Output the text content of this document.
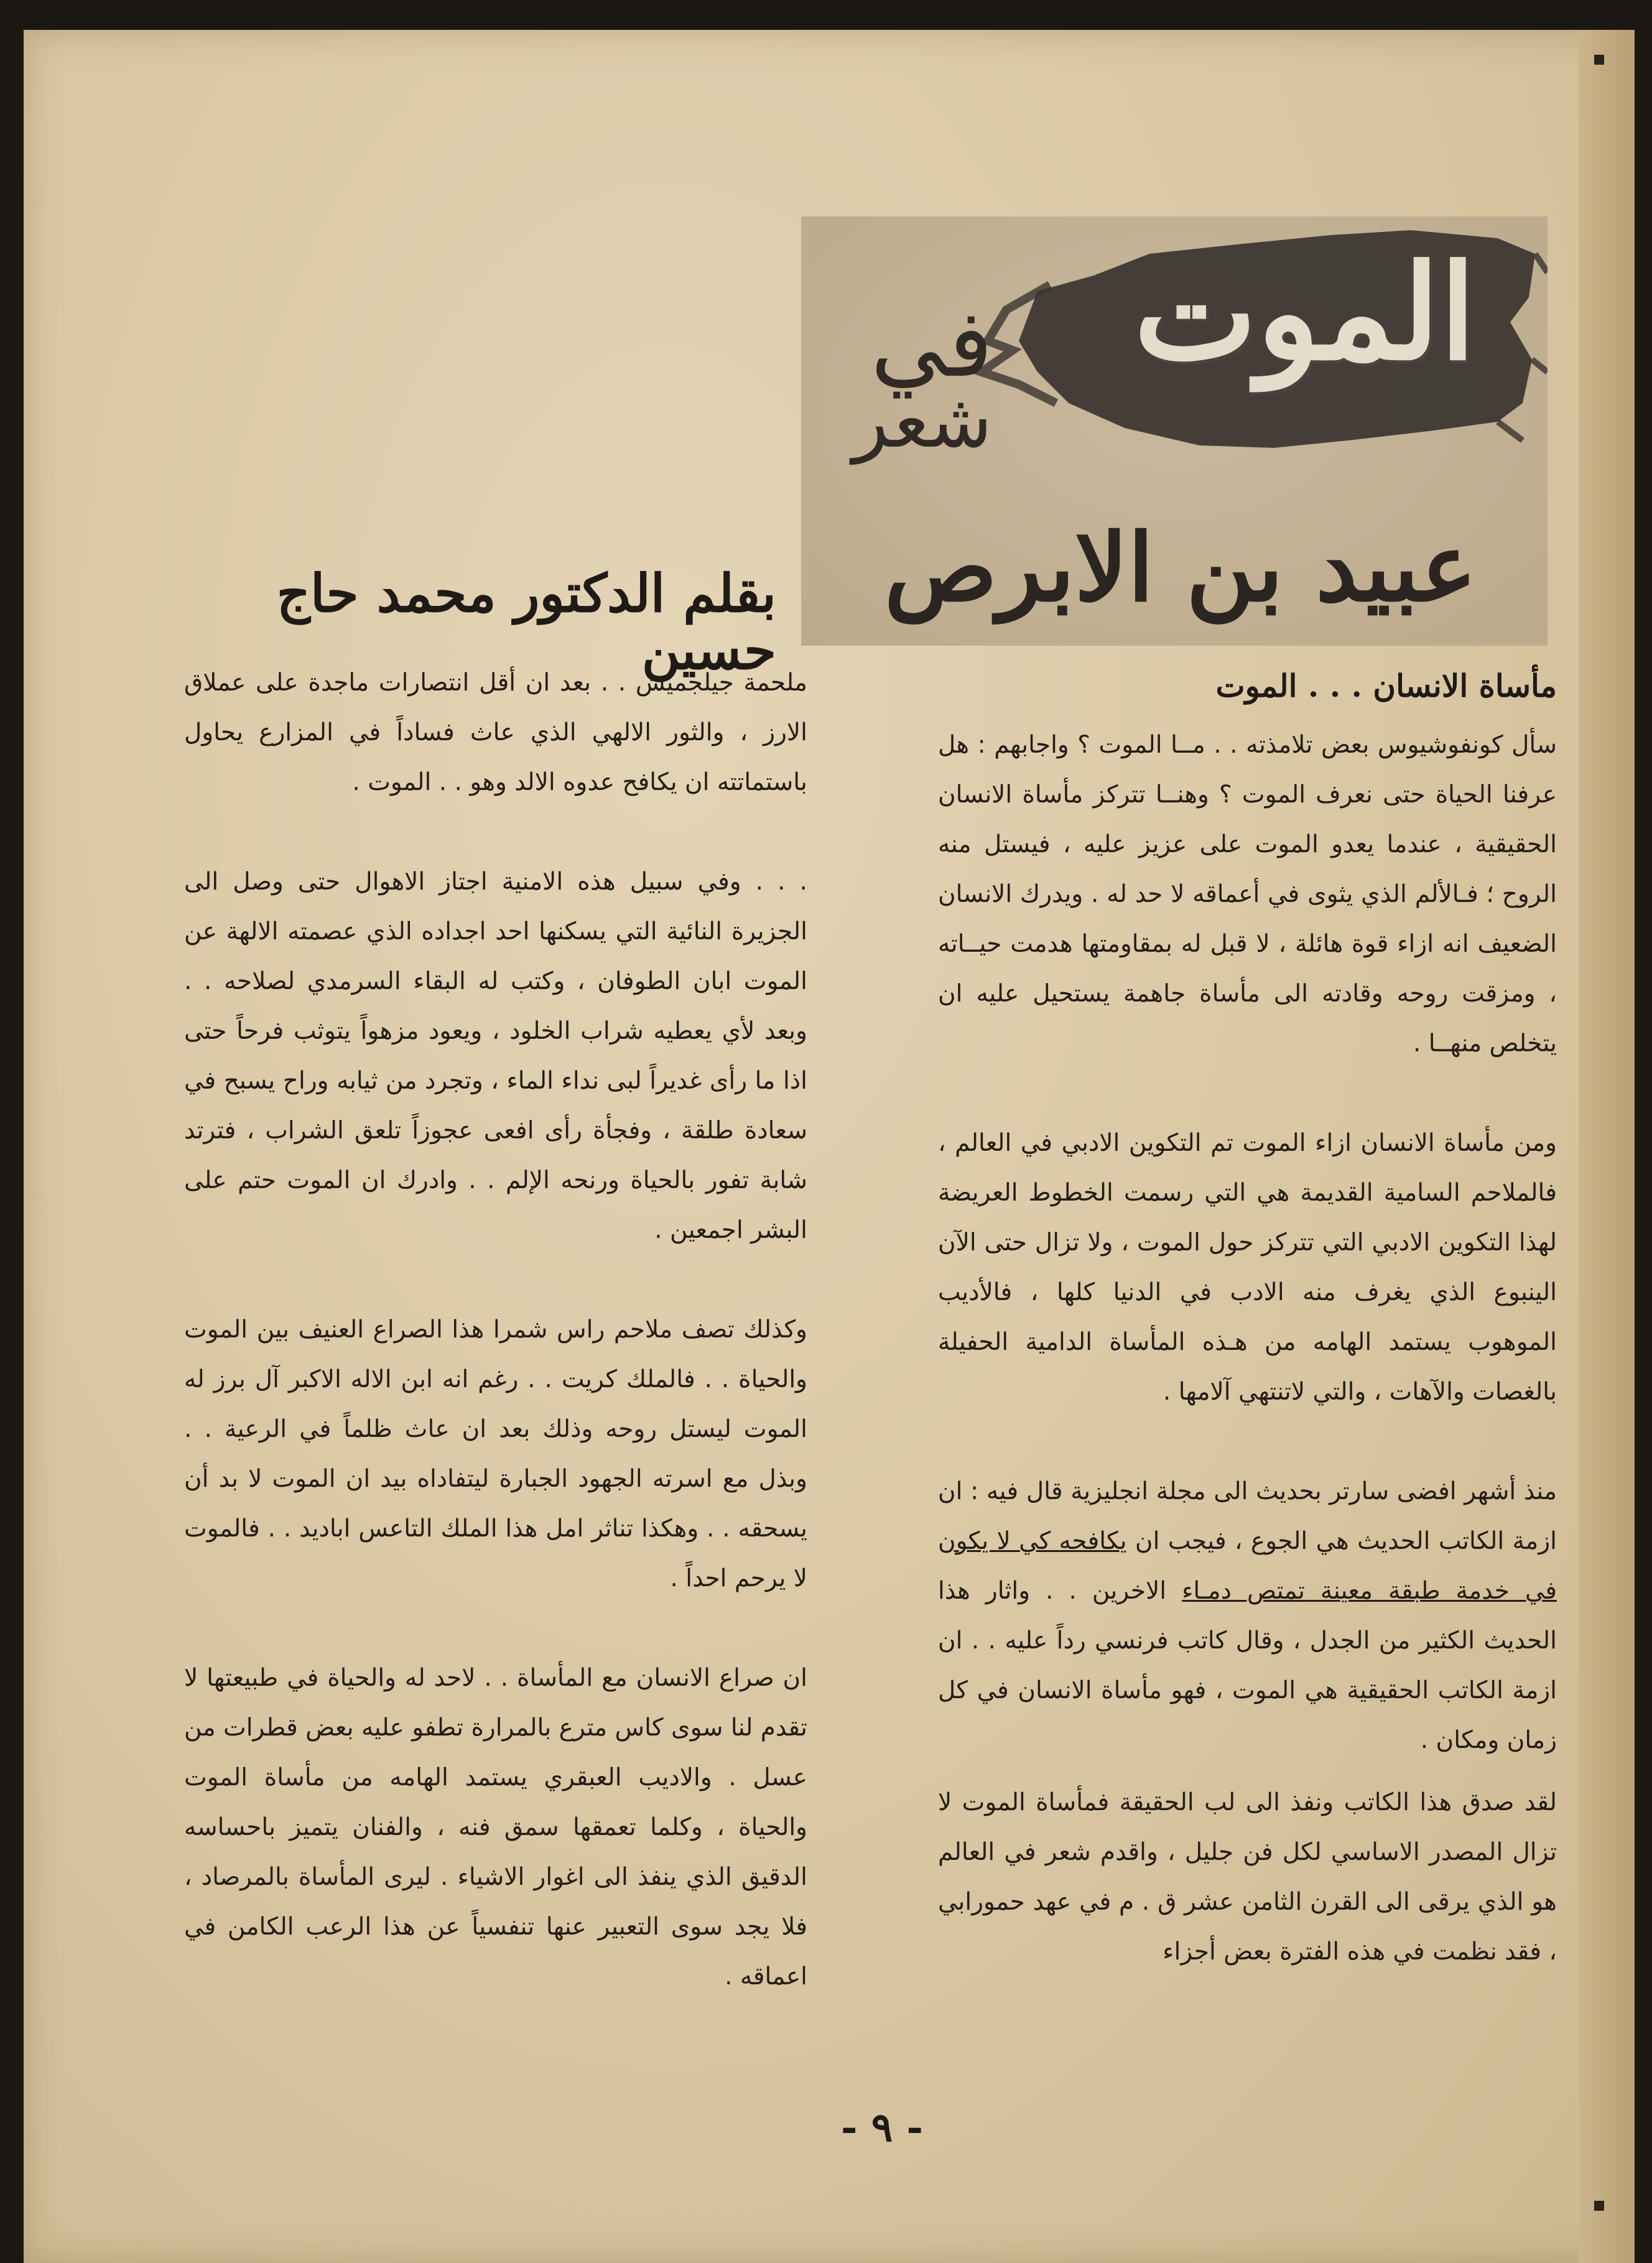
الموت
في
شعر
عبيد بن الابرص
بقلم الدكتور محمد حاج حسين

مأساة الانسان . . . الموت

سأل كونفوشيوس بعض تلامذته . . مــا الموت ؟ واجابهم : هل عرفنا الحياة حتى نعرف الموت ؟ وهنــا تتركز مأساة الانسان الحقيقية ، عندما يعدو الموت على عزيز عليه ، فيستل منه الروح ؛ فـالألم الذي يثوى في أعماقه لا حد له . ويدرك الانسان الضعيف انه ازاء قوة هائلة ، لا قبل له بمقاومتها هدمت حيــاته ، ومزقت روحه وقادته الى مأساة جاهمة يستحيل عليه ان يتخلص منهــا .

ومن مأساة الانسان ازاء الموت تم التكوين الادبي في العالم ، فالملاحم السامية القديمة هي التي رسمت الخطوط العريضة لهذا التكوين الادبي التي تتركز حول الموت ، ولا تزال حتى الآن الينبوع الذي يغرف منه الادب في الدنيا كلها ، فالأديب الموهوب يستمد الهامه من هـذه المأساة الدامية الحفيلة بالغصات والآهات ، والتي لاتنتهي آلامها .

منذ أشهر افضى سارتر بحديث الى مجلة انجليزية قال فيه : ان ازمة الكاتب الحديث هي الجوع ، فيجب ان يكافحه كي لا يكون في خدمة طبقة معينة تمتص دمـاء الاخرين . . واثار هذا الحديث الكثير من الجدل ، وقال كاتب فرنسي رداً عليه . . ان ازمة الكاتب الحقيقية هي الموت ، فهو مأساة الانسان في كل زمان ومكان .

لقد صدق هذا الكاتب ونفذ الى لب الحقيقة فمأساة الموت لا تزال المصدر الاساسي لكل فن جليل ، واقدم شعر في العالم هو الذي يرقى الى القرن الثامن عشر ق . م في عهد حمورابي ، فقد نظمت في هذه الفترة بعض أجزاء

ملحمة جيلجميش . . بعد ان أقل انتصارات ماجدة على عملاق الارز ، والثور الالهي الذي عاث فساداً في المزارع يحاول باستماتته ان يكافح عدوه الالد وهو . . الموت .

. . . وفي سبيل هذه الامنية اجتاز الاهوال حتى وصل الى الجزيرة النائية التي يسكنها احد اجداده الذي عصمته الالهة عن الموت ابان الطوفان ، وكتب له البقاء السرمدي لصلاحه . . وبعد لأي يعطيه شراب الخلود ، ويعود مزهواً يتوثب فرحاً حتى اذا ما رأى غديراً لبى نداء الماء ، وتجرد من ثيابه وراح يسبح في سعادة طلقة ، وفجأة رأى افعى عجوزاً تلعق الشراب ، فترتد شابة تفور بالحياة ورنحه الإلم . . وادرك ان الموت حتم على البشر اجمعين .

وكذلك تصف ملاحم راس شمرا هذا الصراع العنيف بين الموت والحياة . . فالملك كريت . . رغم انه ابن الاله الاكبر آل برز له الموت ليستل روحه وذلك بعد ان عاث ظلماً في الرعية . . وبذل مع اسرته الجهود الجبارة ليتفاداه بيد ان الموت لا بد أن يسحقه . . وهكذا تناثر امل هذا الملك التاعس ابادید . . فالموت لا يرحم احداً .

ان صراع الانسان مع المأساة . . لاحد له والحياة في طبيعتها لا تقدم لنا سوى كاس مترع بالمرارة تطفو عليه بعض قطرات من عسل . والاديب العبقري يستمد الهامه من مأساة الموت والحياة ، وكلما تعمقها سمق فنه ، والفنان يتميز باحساسه الدقيق الذي ينفذ الى اغوار الاشياء . ليرى المأساة بالمرصاد ، فلا يجد سوى التعبير عنها تنفسياً عن هذا الرعب الكامن في اعماقه .

- ٩ -
